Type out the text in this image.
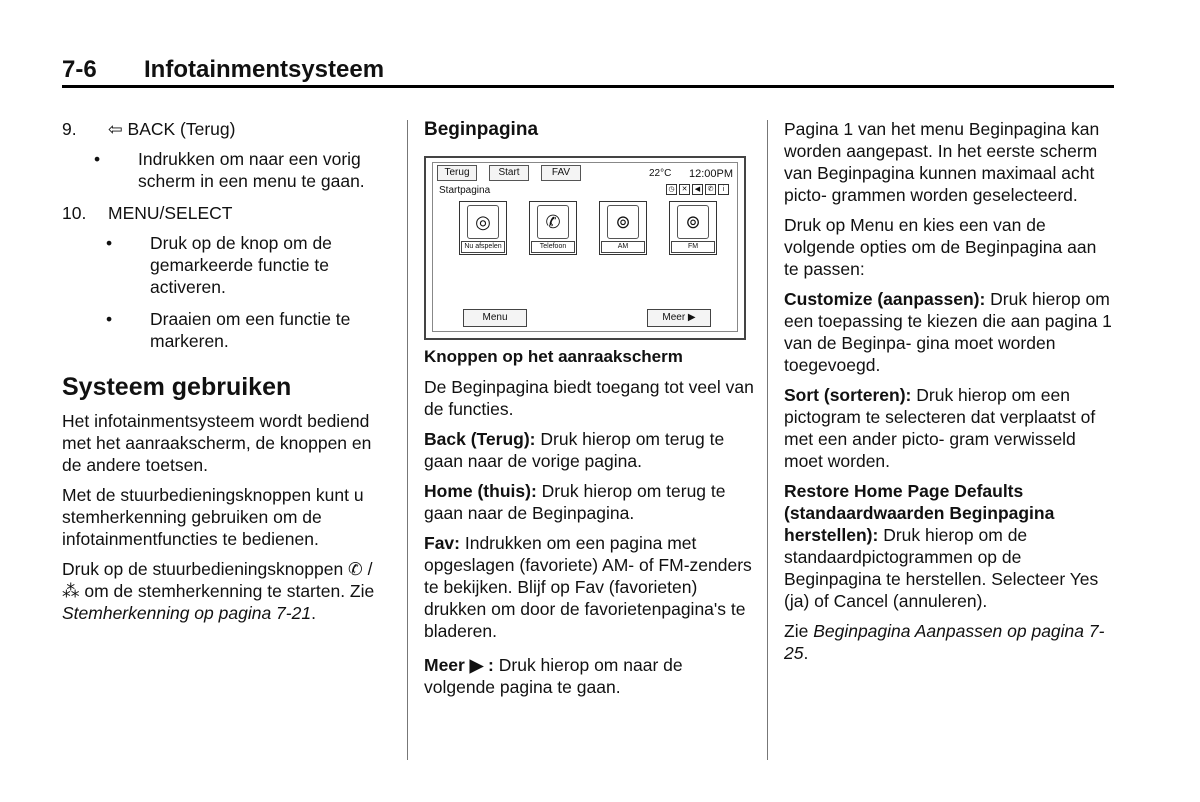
7-6 Infotainmentsysteem
9. ⇦ BACK (Terug)
• Indrukken om naar een vorig scherm in een menu te gaan.
10. MENU/SELECT
• Druk op de knop om de gemarkeerde functie te activeren.
• Draaien om een functie te markeren.
Systeem gebruiken

Het infotainmentsysteem wordt bediend met het aanraakscherm, de knoppen en de andere toetsen.

Met de stuurbedieningsknoppen kunt u stemherkenning gebruiken om de infotainmentfuncties te bedienen.

Druk op de stuurbedieningsknoppen ✆ / ⁂ om de stemherkenning te starten. Zie Stemherkenning op pagina 7-21.

Beginpagina
Terug	Start	FAV	22°C 12:00PM
Startpagina	◷	✕	◀	✆	i
◎
Nu afspelen
✆
Telefoon
⊚
AM
⊚
FM
Menu	Meer ▶
Knoppen op het aanraakscherm

De Beginpagina biedt toegang tot veel van de functies.

Back (Terug): Druk hierop om terug te gaan naar de vorige pagina.

Home (thuis): Druk hierop om terug te gaan naar de Beginpagina.

Fav: Indrukken om een pagina met opgeslagen (favoriete) AM- of FM-zenders te bekijken. Blijf op Fav (favorieten) drukken om door de favorietenpagina's te bladeren.

Meer ▶ : Druk hierop om naar de volgende pagina te gaan.

Pagina 1 van het menu Beginpagina kan worden aangepast. In het eerste scherm van Beginpagina kunnen maximaal acht picto- grammen worden geselecteerd.

Druk op Menu en kies een van de volgende opties om de Beginpagina aan te passen:

Customize (aanpassen): Druk hierop om een toepassing te kiezen die aan pagina 1 van de Beginpa- gina moet worden toegevoegd.

Sort (sorteren): Druk hierop om een pictogram te selecteren dat verplaatst of met een ander picto- gram verwisseld moet worden.

Restore Home Page Defaults (standaardwaarden Beginpagina herstellen): Druk hierop om de standaardpictogrammen op de Beginpagina te herstellen. Selecteer Yes (ja) of Cancel (annuleren).

Zie Beginpagina Aanpassen op pagina 7-25.
